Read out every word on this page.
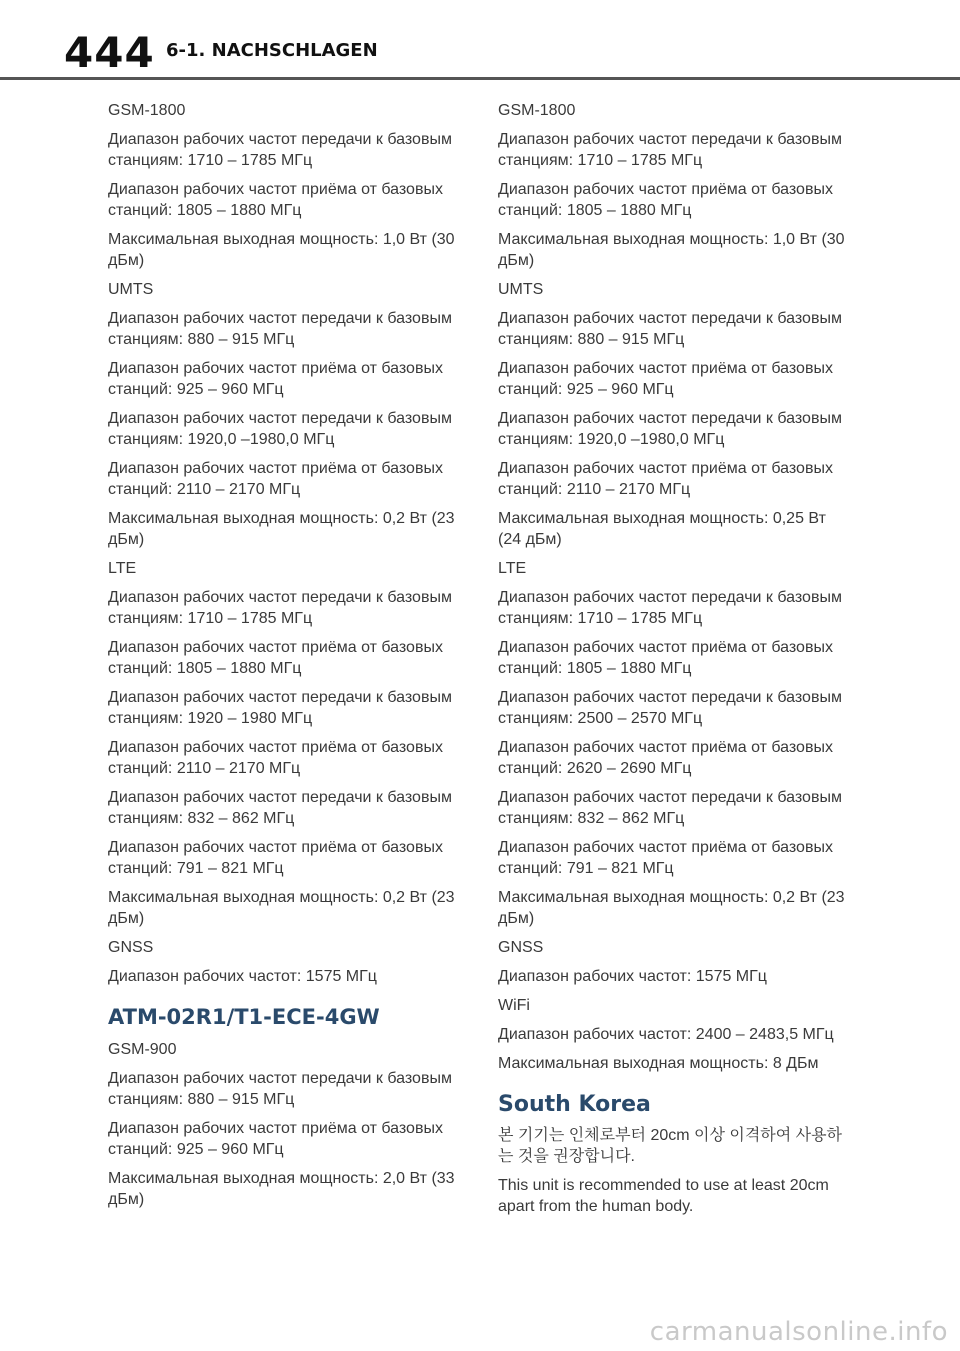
444 6-1. NACHSCHLAGEN

GSM-1800

Диапазон рабочих частот передачи к базовым станциям: 1710 – 1785 МГц

Диапазон рабочих частот приёма от базовых станций: 1805 – 1880 МГц

Максимальная выходная мощность: 1,0 Вт (30 дБм)

UMTS

Диапазон рабочих частот передачи к базовым станциям: 880 – 915 МГц

Диапазон рабочих частот приёма от базовых станций: 925 – 960 МГц

Диапазон рабочих частот передачи к базовым станциям: 1920,0 –1980,0 МГц

Диапазон рабочих частот приёма от базовых станций: 2110 – 2170 МГц

Максимальная выходная мощность: 0,2 Вт (23 дБм)

LTE

Диапазон рабочих частот передачи к базовым станциям: 1710 – 1785 МГц

Диапазон рабочих частот приёма от базовых станций: 1805 – 1880 МГц

Диапазон рабочих частот передачи к базовым станциям: 1920 – 1980 МГц

Диапазон рабочих частот приёма от базовых станций: 2110 – 2170 МГц

Диапазон рабочих частот передачи к базовым станциям: 832 – 862 МГц

Диапазон рабочих частот приёма от базовых станций: 791 – 821 МГц

Максимальная выходная мощность: 0,2 Вт (23 дБм)

GNSS

Диапазон рабочих частот: 1575 МГц

ATM-02R1/T1-ECE-4GW

GSM-900

Диапазон рабочих частот передачи к базовым станциям: 880 – 915 МГц

Диапазон рабочих частот приёма от базовых станций: 925 – 960 МГц

Максимальная выходная мощность: 2,0 Вт (33 дБм)

GSM-1800

Диапазон рабочих частот передачи к базовым станциям: 1710 – 1785 МГц

Диапазон рабочих частот приёма от базовых станций: 1805 – 1880 МГц

Максимальная выходная мощность: 1,0 Вт (30 дБм)

UMTS

Диапазон рабочих частот передачи к базовым станциям: 880 – 915 МГц

Диапазон рабочих частот приёма от базовых станций: 925 – 960 МГц

Диапазон рабочих частот передачи к базовым станциям: 1920,0 –1980,0 МГц

Диапазон рабочих частот приёма от базовых станций: 2110 – 2170 МГц

Максимальная выходная мощность: 0,25 Вт (24 дБм)

LTE

Диапазон рабочих частот передачи к базовым станциям: 1710 – 1785 МГц

Диапазон рабочих частот приёма от базовых станций: 1805 – 1880 МГц

Диапазон рабочих частот передачи к базовым станциям: 2500 – 2570 МГц

Диапазон рабочих частот приёма от базовых станций: 2620 – 2690 МГц

Диапазон рабочих частот передачи к базовым станциям: 832 – 862 МГц

Диапазон рабочих частот приёма от базовых станций: 791 – 821 МГц

Максимальная выходная мощность: 0,2 Вт (23 дБм)

GNSS

Диапазон рабочих частот: 1575 МГц

WiFi

Диапазон рабочих частот: 2400 – 2483,5 МГц

Максимальная выходная мощность: 8 ДБм

South Korea

본 기기는 인체로부터 20cm 이상 이격하여 사용하는 것을 권장합니다.

This unit is recommended to use at least 20cm apart from the human body.

carmanualsonline.info
